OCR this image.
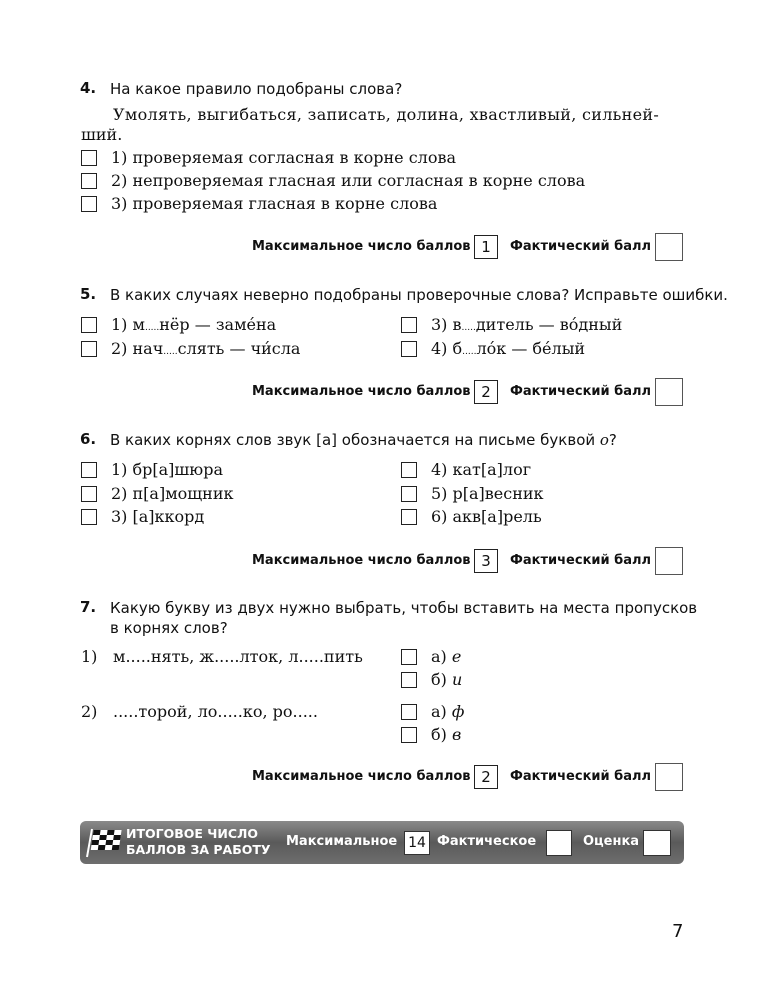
4. На какое правило подобраны слова?
Умолять, выгибаться, записать, долина, хвастливый, сильней-
ший.
1) проверяемая согласная в корне слова
2) непроверяемая гласная или согласная в корне слова
3) проверяемая гласная в корне слова
Максимальное число баллов 1	Фактический балл
5. В каких случаях неверно подобраны проверочные слова? Исправьте ошибки.
1) м.....нёр — заме́на
2) нач.....слять — чи́сла
3) в.....дитель — во́дный
4) б.....ло́к — бе́лый
Максимальное число баллов 2	Фактический балл
6. В каких корнях слов звук [а] обозначается на письме буквой о?
1) бр[а]шюра
2) п[а]мощник
3) [а]ккорд
4) кат[а]лог
5) р[а]весник
6) акв[а]рель
Максимальное число баллов 3	Фактический балл
7. Какую букву из двух нужно выбрать, чтобы вставить на места пропусков
в корнях слов?
1) м.....нять, ж.....лток, л.....пить	а) е
б) и
2) .....торой, ло.....ко, ро.....	а) ф
б) в
Максимальное число баллов 2	Фактический балл
ИТОГОВОЕ ЧИСЛО
БАЛЛОВ ЗА РАБОТУ
Максимальное 14 Фактическое	Оценка
7
